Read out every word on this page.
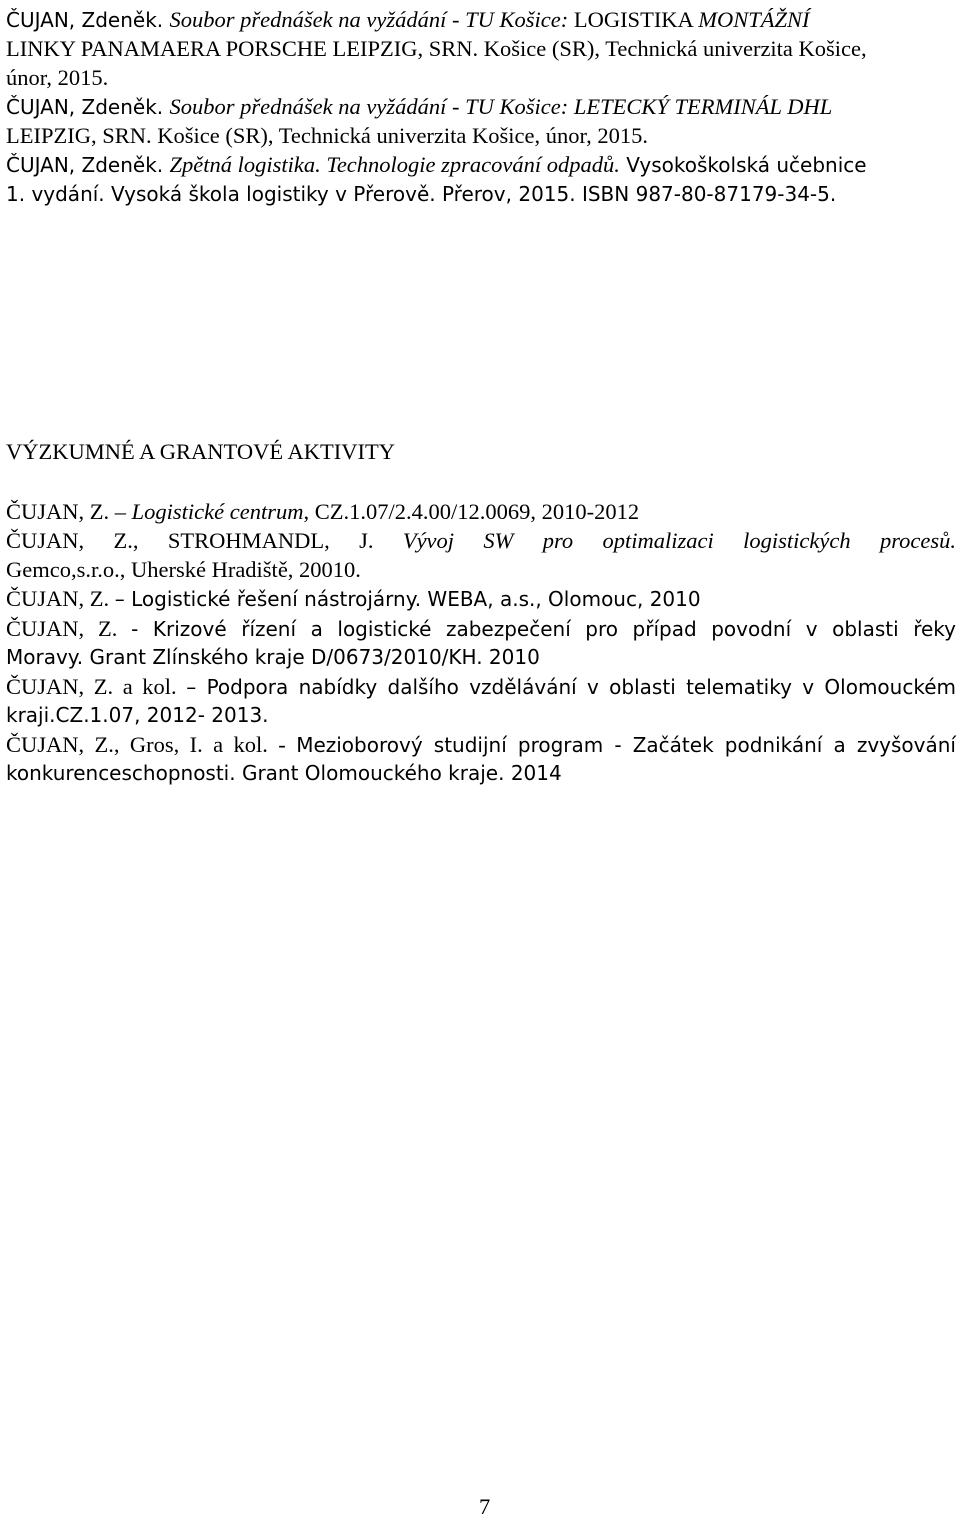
ČUJAN, Zdeněk. Soubor přednášek na vyžádání - TU Košice: LOGISTIKA MONTÁŽNÍ
LINKY PANAMAERA PORSCHE LEIPZIG, SRN. Košice (SR), Technická univerzita Košice,
únor, 2015.
ČUJAN, Zdeněk. Soubor přednášek na vyžádání - TU Košice: LETECKÝ TERMINÁL DHL
LEIPZIG, SRN. Košice (SR), Technická univerzita Košice, únor, 2015.
ČUJAN, Zdeněk. Zpětná logistika. Technologie zpracování odpadů. Vysokoškolská učebnice
1. vydání. Vysoká škola logistiky v Přerově. Přerov, 2015. ISBN 987-80-87179-34-5.
VÝZKUMNÉ A GRANTOVÉ AKTIVITY
ČUJAN, Z. – Logistické centrum, CZ.1.07/2.4.00/12.0069, 2010-2012
ČUJAN, Z., STROHMANDL, J. Vývoj SW pro optimalizaci logistických procesů.
Gemco,s.r.o., Uherské Hradiště, 20010.
ČUJAN, Z. – Logistické řešení nástrojárny. WEBA, a.s., Olomouc, 2010
ČUJAN, Z. - Krizové řízení a logistické zabezpečení pro případ povodní v oblasti řeky
Moravy. Grant Zlínského kraje D/0673/2010/KH. 2010
ČUJAN, Z. a kol. – Podpora nabídky dalšího vzdělávání v oblasti telematiky v Olomouckém
kraji.CZ.1.07, 2012- 2013.
ČUJAN, Z., Gros, I. a kol. - Mezioborový studijní program - Začátek podnikání a zvyšování
konkurenceschopnosti. Grant Olomouckého kraje. 2014
7
